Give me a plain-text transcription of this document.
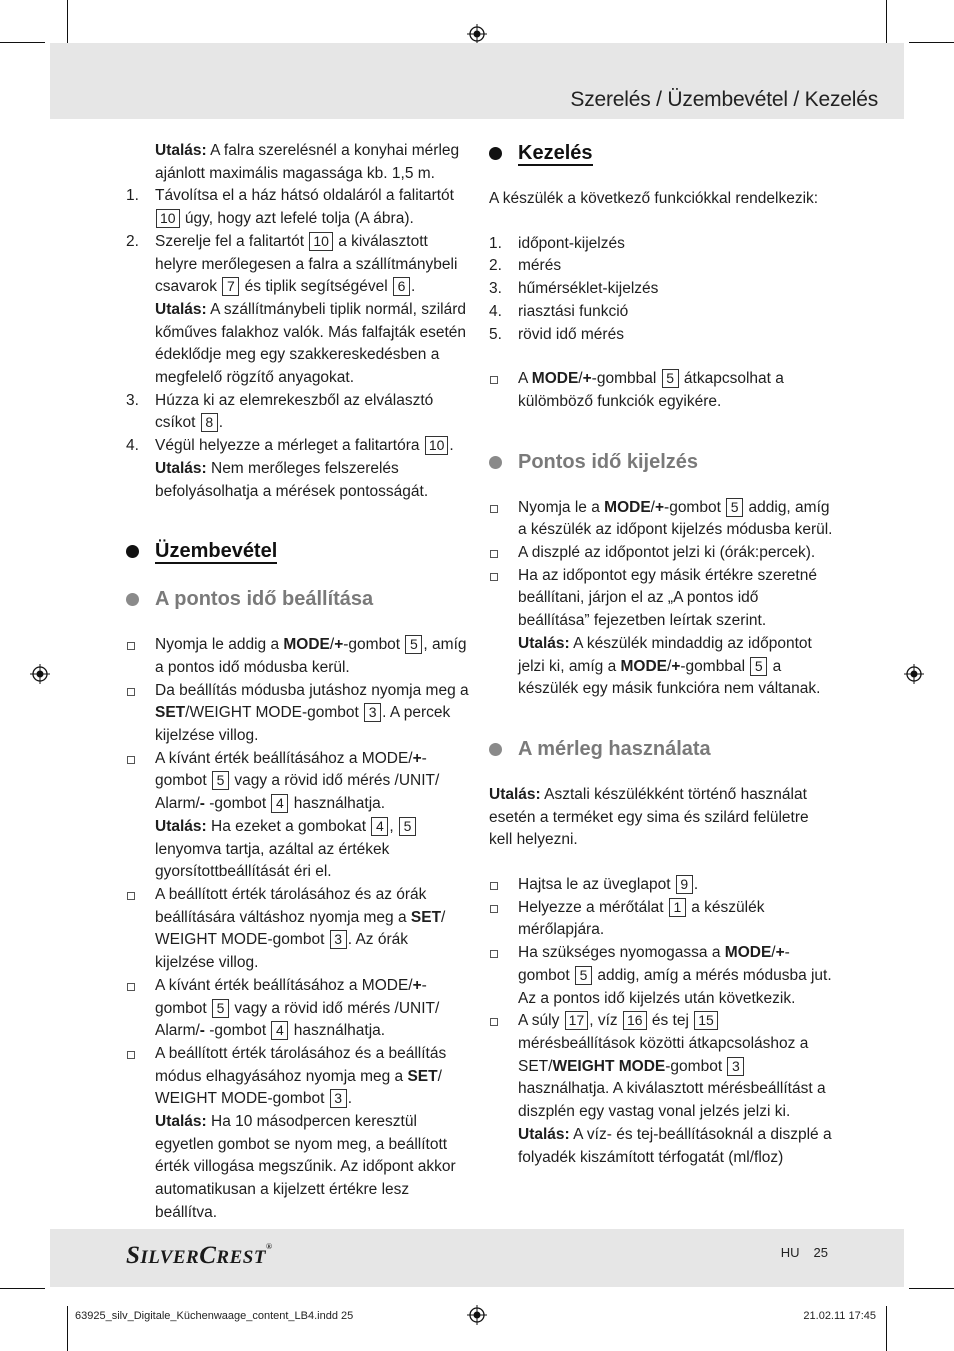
Szerelés / Üzembevétel / Kezelés

Utalás: A falra szerelésnél a konyhai mérleg ajánlott maximális magassága kb. 1,5 m.

1. Távolítsa el a ház hátsó oldaláról a falitartót 10 úgy, hogy azt lefelé tolja (A ábra).
2. Szerelje fel a falitartót 10 a kiválasztott helyre merőlegesen a falra a szállítmánybeli csavarok 7 és tiplik segítségével 6 .
Utalás: A szállítmánybeli tiplik normál, szilárd kőműves falakhoz valók. Más falfajták esetén édeklődje meg egy szakkereskedésben a megfelelő rögzítő anyagokat.
3. Húzza ki az elemrekeszből az elválasztó csíkot 8 .
4. Végül helyezze a mérleget a falitartóra 10 .
Utalás: Nem merőleges felszerelés befolyásolhatja a mérések pontosságát.
Üzembevétel
A pontos idő beállítása
Nyomja le addig a MODE/+-gombot 5 , amíg a pontos idő módusba kerül.
Da beállítás módusba jutáshoz nyomja meg a SET/WEIGHT MODE-gombot 3 . A percek kijelzése villog.
A kívánt érték beállításához a MODE/+-gombot 5 vagy a rövid idő mérés /UNIT/ Alarm/- -gombot 4 használhatja.
Utalás: Ha ezeket a gombokat 4 , 5 lenyomva tartja, azáltal az értékek gyorsítottbeállítását éri el.
A beállított érték tárolásához és az órák beállítására váltáshoz nyomja meg a SET/ WEIGHT MODE-gombot 3 . Az órák kijelzése villog.
A kívánt érték beállításához a MODE/+-gombot 5 vagy a rövid idő mérés /UNIT/ Alarm/- -gombot 4 használhatja.
A beállított érték tárolásához és a beállítás módus elhagyásához nyomja meg a SET/ WEIGHT MODE-gombot 3 .
Utalás: Ha 10 másodpercen keresztül egyetlen gombot se nyom meg, a beállított érték villogása megszűnik. Az időpont akkor automatikusan a kijelzett értékre lesz beállítva.
Kezelés

A készülék a következő funkciókkal rendelkezik:

1. időpont-kijelzés
2. mérés
3. hűmérséklet-kijelzés
4. riasztási funkció
5. rövid idő mérés
A MODE/+-gombbal 5 átkapcsolhat a külömböző funkciók egyikére.
Pontos idő kijelzés
Nyomja le a MODE/+-gombot 5 addig, amíg a készülék az időpont kijelzés módusba kerül.
A diszplé az időpontot jelzi ki (órák:percek).
Ha az időpontot egy másik értékre szeretné beállítani, járjon el az „A pontos idő beállítása” fejezetben leírtak szerint.
Utalás: A készülék mindaddig az időpontot jelzi ki, amíg a MODE/+-gombbal 5 a készülék egy másik funkcióra nem váltanak.
A mérleg használata

Utalás: Asztali készülékként történő használat esetén a terméket egy sima és szilárd felületre kell helyezni.

Hajtsa le az üveglapot 9 .
Helyezze a mérőtálat 1 a készülék mérőlapjára.
Ha szükséges nyomogassa a MODE/+-gombot 5 addig, amíg a mérés módusba jut. Az a pontos idő kijelzés után következik.
A súly 17 , víz 16 és tej 15 mérésbeállítások közötti átkapcsoláshoz a SET/WEIGHT MODE-gombot 3 használhatja. A kiválasztott mérésbeállítást a diszplén egy vastag vonal jelzés jelzi ki.
Utalás: A víz- és tej-beállításoknál a diszplé a folyadék kiszámított térfogatát (ml/floz)
SILVERCREST®	HU 25
63925_silv_Digitale_Küchenwaage_content_LB4.indd 25	21.02.11 17:45
